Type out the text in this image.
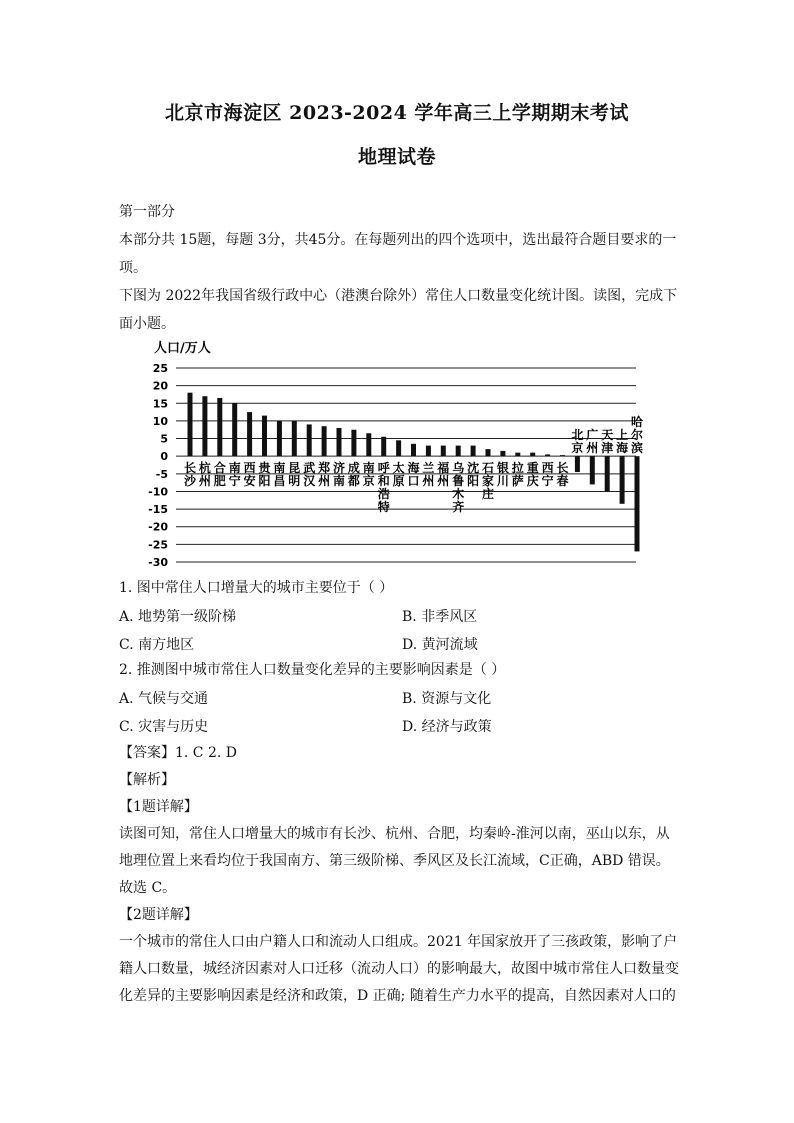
北京市海淀区 2023-2024 学年高三上学期期末考试
地理试卷
第一部分
本部分共 15题，每题 3分，共45分。在每题列出的四个选项中，选出最符合题目要求的一
项。
下图为 2022年我国省级行政中心（港澳台除外）常住人口数量变化统计图。读图，完成下
面小题。
人口/万人
25
20
15
10
5
0
-5
-10
-15
-20
-25
-30
长沙
杭州
合肥
南宁
西安
贵阳
南昌
昆明
武汉
郑州
济南
成都
南京
呼和浩特
太原
海口
兰州
福州
乌鲁木齐
沈阳
石家庄
银川
拉萨
重庆
西宁
长春
北京
广州
天津
上海
哈尔滨
1. 图中常住人口增量大的城市主要位于（ ）
A. 地势第一级阶梯	B. 非季风区
C. 南方地区	D. 黄河流域
2. 推测图中城市常住人口数量变化差异的主要影响因素是（ ）
A. 气候与交通	B. 资源与文化
C. 灾害与历史	D. 经济与政策
【答案】1. C 2. D
【解析】
【1题详解】
读图可知，常住人口增量大的城市有长沙、杭州、合肥，均秦岭-淮河以南，巫山以东，从
地理位置上来看均位于我国南方、第三级阶梯、季风区及长江流域，C正确，ABD 错误。
故选 C。
【2题详解】
一个城市的常住人口由户籍人口和流动人口组成。2021 年国家放开了三孩政策，影响了户
籍人口数量，城经济因素对人口迁移（流动人口）的影响最大，故图中城市常住人口数量变
化差异的主要影响因素是经济和政策，D 正确; 随着生产力水平的提高，自然因素对人口的
